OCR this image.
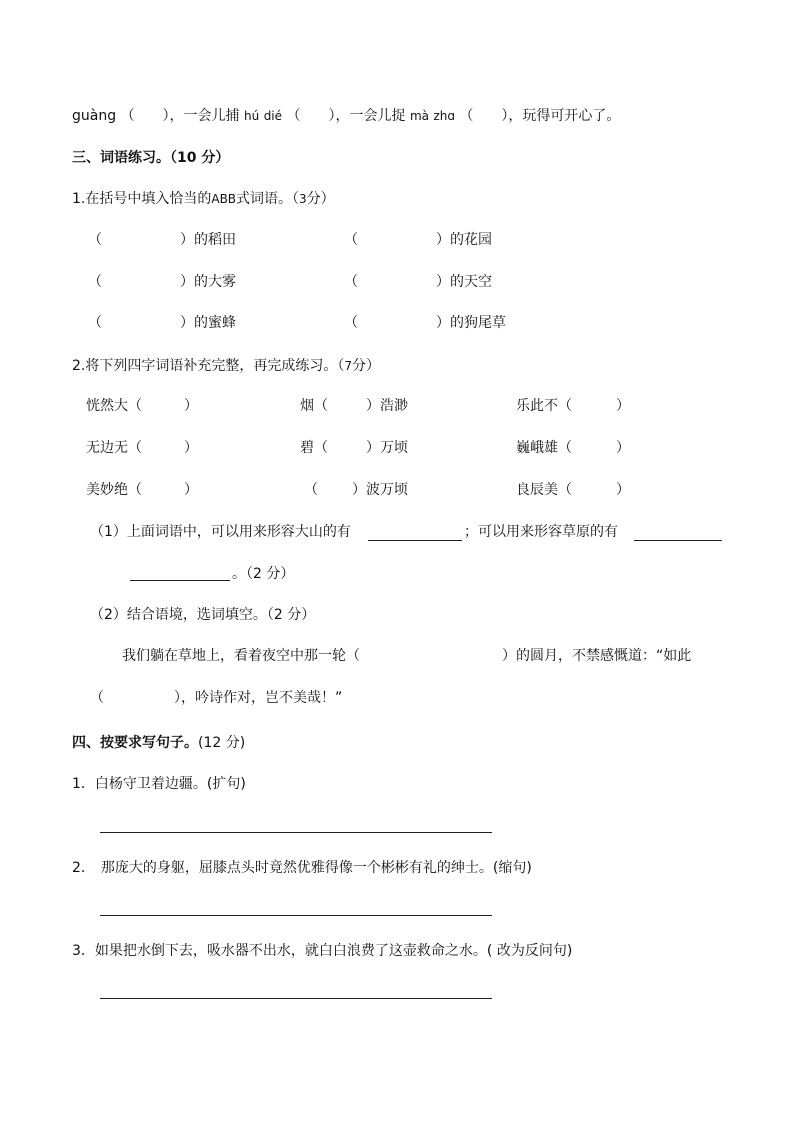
guàng （　　），一会儿捕 hú dié （　　），一会儿捉 mà zhɑ （　　），玩得可开心了。
三、词语练习。（10 分）
1.在括号中填入恰当的ABB式词语。（3分）
（	）的稻田	（	）的花园
（	）的大雾	（	）的天空
（	）的蜜蜂	（	）的狗尾草
2.将下列四字词语补充完整，再完成练习。（7分）
恍然大（	）	烟（	）浩渺	乐此不（	）
无边无（	）	碧（	）万顷	巍峨雄（	）
美妙绝（	）	（ ）波万顷	良辰美（	）
（1）上面词语中，可以用来形容大山的有	；可以用来形容草原的有
。（2 分）
（2）结合语境，选词填空。（2 分）
我们躺在草地上，看着夜空中那一轮（	）的圆月，不禁感慨道：“如此
（　　　　　），吟诗作对，岂不美哉！”
四、按要求写句子。(12 分)
1．白杨守卫着边疆。(扩句)
2． 那庞大的身躯，屈膝点头时竟然优雅得像一个彬彬有礼的绅士。(缩句)
3．如果把水倒下去，吸水器不出水，就白白浪费了这壶救命之水。( 改为反问句)
